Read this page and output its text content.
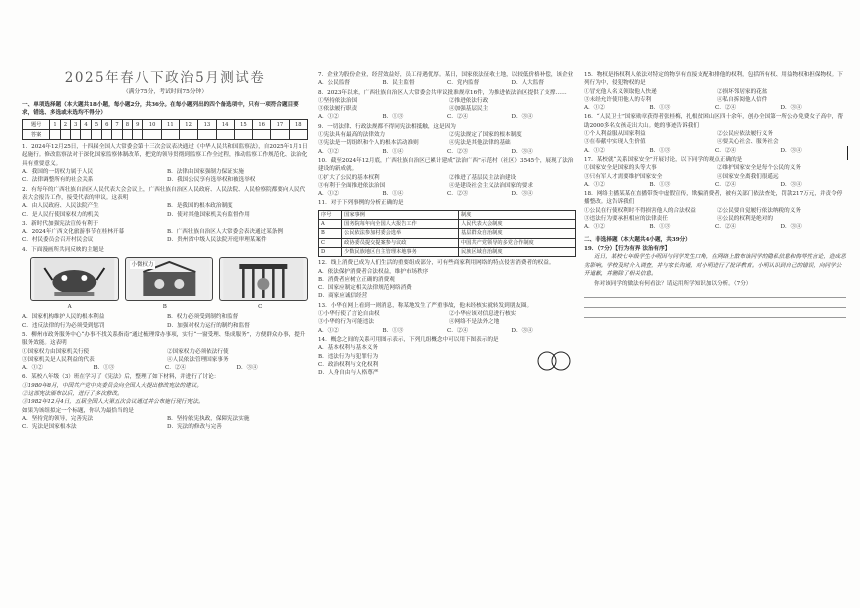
2025年春八下政治5月测试卷
（满分75分，考试时间75分钟）
一、单项选择题（本大题共18小题，每小题2分，共36分。在每小题列出的四个备选项中，只有一项符合题目要求，错选、多选或未选均不得分）
题号	1	2	3	4	5	6	7	8	9	10	11	12	13	14	15	16	17	18
答案																		
1．2024年12月25日，十四届全国人大常委会第十三次会议表决通过《中华人民共和国监察法》，自2025年1月1日起施行。修改监察法对于深化国家监察体制改革，把党的领导贯彻到监察工作全过程，推动监察工作规范化、法治化具有重要意义。
A．我国的一切权力属于人民	B．法律由国家强制力保证实施
C．法律调整所有的社会关系	D．我国公民享有选举权和被选举权
2．有每年的广西壮族自治区人民代表大会会议上，广西壮族自治区人民政府、人民法院、人民检察院都要向人民代表大会报告工作，接受代表的审议。这表明
A．由人民政府、人民法院产生	B．是我国的根本政治制度
C．是人民行使国家权力的机关	D．使对其他国家机关有监督作用
3．新时代加强宪法宣传有利于
A．2024年广西文化旅游事节在桂林开幕	B．广西壮族自治区人大常委会表决通过某条例
C．村民委员会召开村民会议	D．贵州省中级人民法院开庭审理某案件
4．下面漫画所共同反映的主题是
小微权力
A	B	C
A．国家机构维护人民的根本利益	B．权力必须受到制约和监督
C．违反法律的行为必须受到惩罚	D．加强对权力运行的制约和监督
5．柳州市政务服务中心“办事不找关系指南”通过梳理常办事项，实行“一窗受理、集成服务”，方便群众办事，提升服务效能。这表明
①国家权力由国家机关行使	②国家权力必须依法行使
③国家机关是人民利益的代表	④人民依法管理国家事务
A．①②	B．①③	C．②④	D．③④
6．某校八年级（3）班在学习了《宪法》后，整理了如下材料，并进行了讨论：
①1980年8月，中国共产党中央委员会向全国人大提出修改宪法的建议。
②这部宪法颁布以后，进行了多次修改。
③1982年12月4日，五届全国人大第五次会议通过并公布施行现行宪法。
如果为该组拟定一个标题，你认为最恰当的是
A．坚持党的领导，完善宪法	B．坚持依宪执政，保障宪法实施
C．宪法是国家根本法	D．宪法的修改与完善
7．企业为股份企业，经营效益好，员工待遇优厚。某日，国家依法征收土地，以较低价格补偿，该企业
A．公民监督	B．民主监督	C．党内监督	D．人大监督
8．2023年以来，广西壮族自治区人大常委会共审议批准规章16件，为推进依法治区提供了支撑……
①坚持依法治国	②推进依法行政
③依法履行职责	④加强基层民主
A．①②	B．①③	C．②④	D．③④
9．一切法律、行政法规都不得同宪法相抵触，这是因为
①宪法具有最高的法律效力	②宪法规定了国家的根本制度
③宪法是一切组织和个人的根本活动准则	④宪法是其他法律的基础
A．①②	B．①④	C．②③	D．③④
10．截至2024年12月底，广西壮族自治区已累计建成“法治广西”示范村（社区）3545个，展现了法治建设的新成就。
①扩大了公民的基本权利	②推进了基层民主法治建设
③有利于全面推进依法治国	④是建设社会主义法治国家的要求
A．①②	B．①④	C．②③	D．③④
11．对于下列事例的分析正确的是
序号	国家事例	制度
A	国务院每年向全国人大报告工作	人民代表大会制度
B	公民依法参加村委会选举	基层群众自治制度
C	政协委员提交提案参与议政	中国共产党领导的多党合作制度
D	少数民族地区自主管理本地事务	民族区域自治制度
12．线上消费已成为人们生活的重要组成部分，可有些商家利用网络的特点侵害消费者的权益。
A．依法保护消费者合法权益，维护市场秩序
B．消费者应树立正确的消费观
C．国家应制定相关法律规范网络消费
D．商家应诚信经营
13．小华在网上看到一则消息，称某地发生了严重事故，他未经核实就转发到朋友圈。
①小华行使了言论自由权	②小华应该对信息进行核实
③小华的行为可能违法	④网络不是法外之地
A．①②	B．①③	C．②④	D．③④
14．概念之间的关系可用图示表示，下列几组概念中可以用下图表示的是
A．基本权利与基本义务
B．违法行为与犯罪行为
C．政治权利与文化权利
D．人身自由与人格尊严
15．物权是指权利人依法对特定的物享有直接支配和排他的权利，包括所有权、用益物权和担保物权。下列行为中，侵犯物权的是
①冒充他人名义领取他人快递	②损坏邻居家的花盆
③未经允许使用他人的专利	④私自拆阅他人信件
A．①②	B．①③	C．②④	D．③④
16．“人民卫士”国家勋章获得者张桂梅，扎根贫困山区四十余年，创办全国第一所公办免费女子高中，帮助2000多名女孩走出大山。她的事迹告诉我们
①个人利益服从国家利益	②公民应依法履行义务
③在奉献中实现人生价值	④要关心社会、服务社会
A．①②	B．①③	C．②④	D．③④
17．某校就“关系国家安全”开展讨论，以下同学的观点正确的是
①国家安全是国家的头等大事	②维护国家安全是每个公民的义务
③只有军人才需要维护国家安全	④国家安全离我们很遥远
A．①②	B．①③	C．②④	D．③④
18．网络主播某某在直播带货中虚假宣传，欺骗消费者，被有关部门依法查处，罚款217万元，并责令停播整改。这告诉我们
①公民在行使权利时不得损害他人的合法权益	②公民要自觉履行依法纳税的义务
③违法行为要承担相应的法律责任	④公民的权利是绝对的
A．①②	B．①③	C．②④	D．③④
二、非选择题（本大题共4小题，共39分）
19．（7分）【行为有界 法治有序】
近日，某校七年级学生小明因与同学发生口角，在网络上散布该同学的隐私信息和侮辱性言论，造成恶劣影响。学校及时介入调查，并与家长沟通，对小明进行了批评教育。小明认识到自己的错误，向同学公开道歉，并删除了相关信息。
你对该同学的做法有何看法？请运用所学知识加以分析。（7分）
